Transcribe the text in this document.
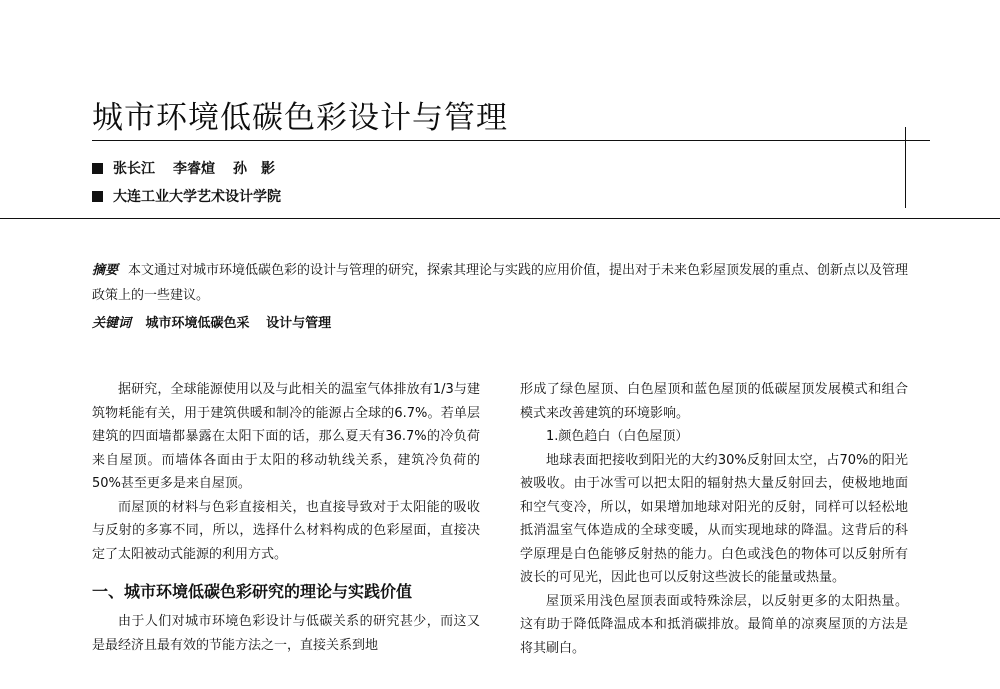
城市环境低碳色彩设计与管理
张长江 李睿煊 孙　影
大连工业大学艺术设计学院
摘要 本文通过对城市环境低碳色彩的设计与管理的研究，探索其理论与实践的应用价值，提出对于未来色彩屋顶发展的重点、创新点以及管理政策上的一些建议。
关键词 城市环境低碳色采 设计与管理

据研究，全球能源使用以及与此相关的温室气体排放有1/3与建筑物耗能有关，用于建筑供暖和制冷的能源占全球的6.7%。若单层建筑的四面墙都暴露在太阳下面的话，那么夏天有36.7%的冷负荷来自屋顶。而墙体各面由于太阳的移动轨线关系，建筑冷负荷的50%甚至更多是来自屋顶。

而屋顶的材料与色彩直接相关，也直接导致对于太阳能的吸收与反射的多寡不同，所以，选择什么材料构成的色彩屋面，直接决定了太阳被动式能源的利用方式。

一、城市环境低碳色彩研究的理论与实践价值

由于人们对城市环境色彩设计与低碳关系的研究甚少，而这又是最经济且最有效的节能方法之一，直接关系到地

形成了绿色屋顶、白色屋顶和蓝色屋顶的低碳屋顶发展模式和组合模式来改善建筑的环境影响。

1.颜色趋白（白色屋顶）

地球表面把接收到阳光的大约30%反射回太空，占70%的阳光被吸收。由于冰雪可以把太阳的辐射热大量反射回去，使极地地面和空气变冷，所以，如果增加地球对阳光的反射，同样可以轻松地抵消温室气体造成的全球变暖，从而实现地球的降温。这背后的科学原理是白色能够反射热的能力。白色或浅色的物体可以反射所有波长的可见光，因此也可以反射这些波长的能量或热量。

屋顶采用浅色屋顶表面或特殊涂层，以反射更多的太阳热量。这有助于降低降温成本和抵消碳排放。最简单的凉爽屋顶的方法是将其刷白。
